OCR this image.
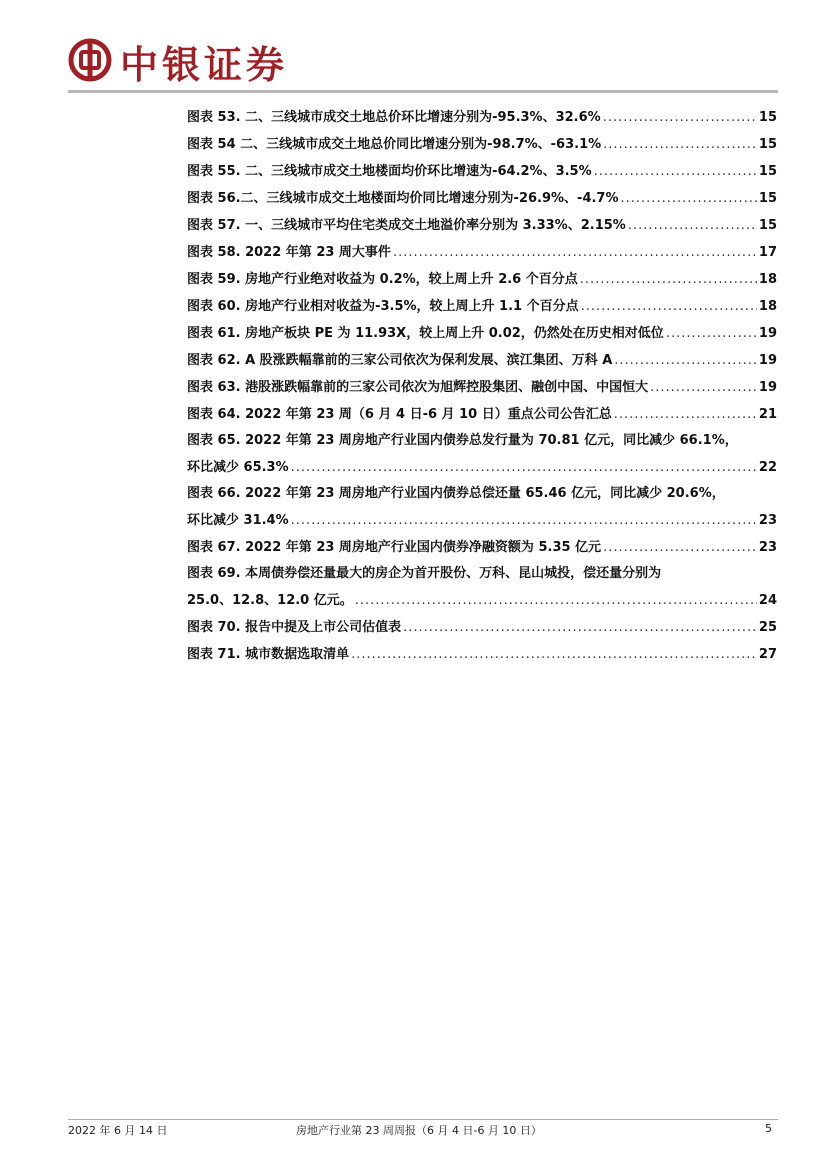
中银证券
图表 53. 二、三线城市成交土地总价环比增速分别为-95.3%、32.6% .....	15
图表 54 二、三线城市成交土地总价同比增速分别为-98.7%、-63.1% .....	15
图表 55. 二、三线城市成交土地楼面均价环比增速为-64.2%、3.5% .....	15
图表 56.二、三线城市成交土地楼面均价同比增速分别为-26.9%、-4.7% .....	15
图表 57. 一、三线城市平均住宅类成交土地溢价率分别为 3.33%、2.15% .....	15
图表 58. 2022 年第 23 周大事件 .....	17
图表 59. 房地产行业绝对收益为 0.2%，较上周上升 2.6 个百分点 .....	18
图表 60. 房地产行业相对收益为-3.5%，较上周上升 1.1 个百分点 .....	18
图表 61. 房地产板块 PE 为 11.93X，较上周上升 0.02，仍然处在历史相对低位 .....	19
图表 62. A 股涨跌幅靠前的三家公司依次为保利发展、滨江集团、万科 A .....	19
图表 63. 港股涨跌幅靠前的三家公司依次为旭辉控股集团、融创中国、中国恒大 .....	19
图表 64. 2022 年第 23 周（6 月 4 日-6 月 10 日）重点公司公告汇总 .....	21
图表 65. 2022 年第 23 周房地产行业国内债券总发行量为 70.81 亿元，同比减少 66.1%，
环比减少 65.3% .....	22
图表 66. 2022 年第 23 周房地产行业国内债券总偿还量 65.46 亿元，同比减少 20.6%，
环比减少 31.4% .....	23
图表 67. 2022 年第 23 周房地产行业国内债券净融资额为 5.35 亿元 .....	23
图表 69. 本周债券偿还量最大的房企为首开股份、万科、昆山城投，偿还量分别为
25.0、12.8、12.0 亿元。 .....	24
图表 70. 报告中提及上市公司估值表 .....	25
图表 71. 城市数据选取清单 .....	27
2022 年 6 月 14 日	房地产行业第 23 周周报（6 月 4 日-6 月 10 日）	5
